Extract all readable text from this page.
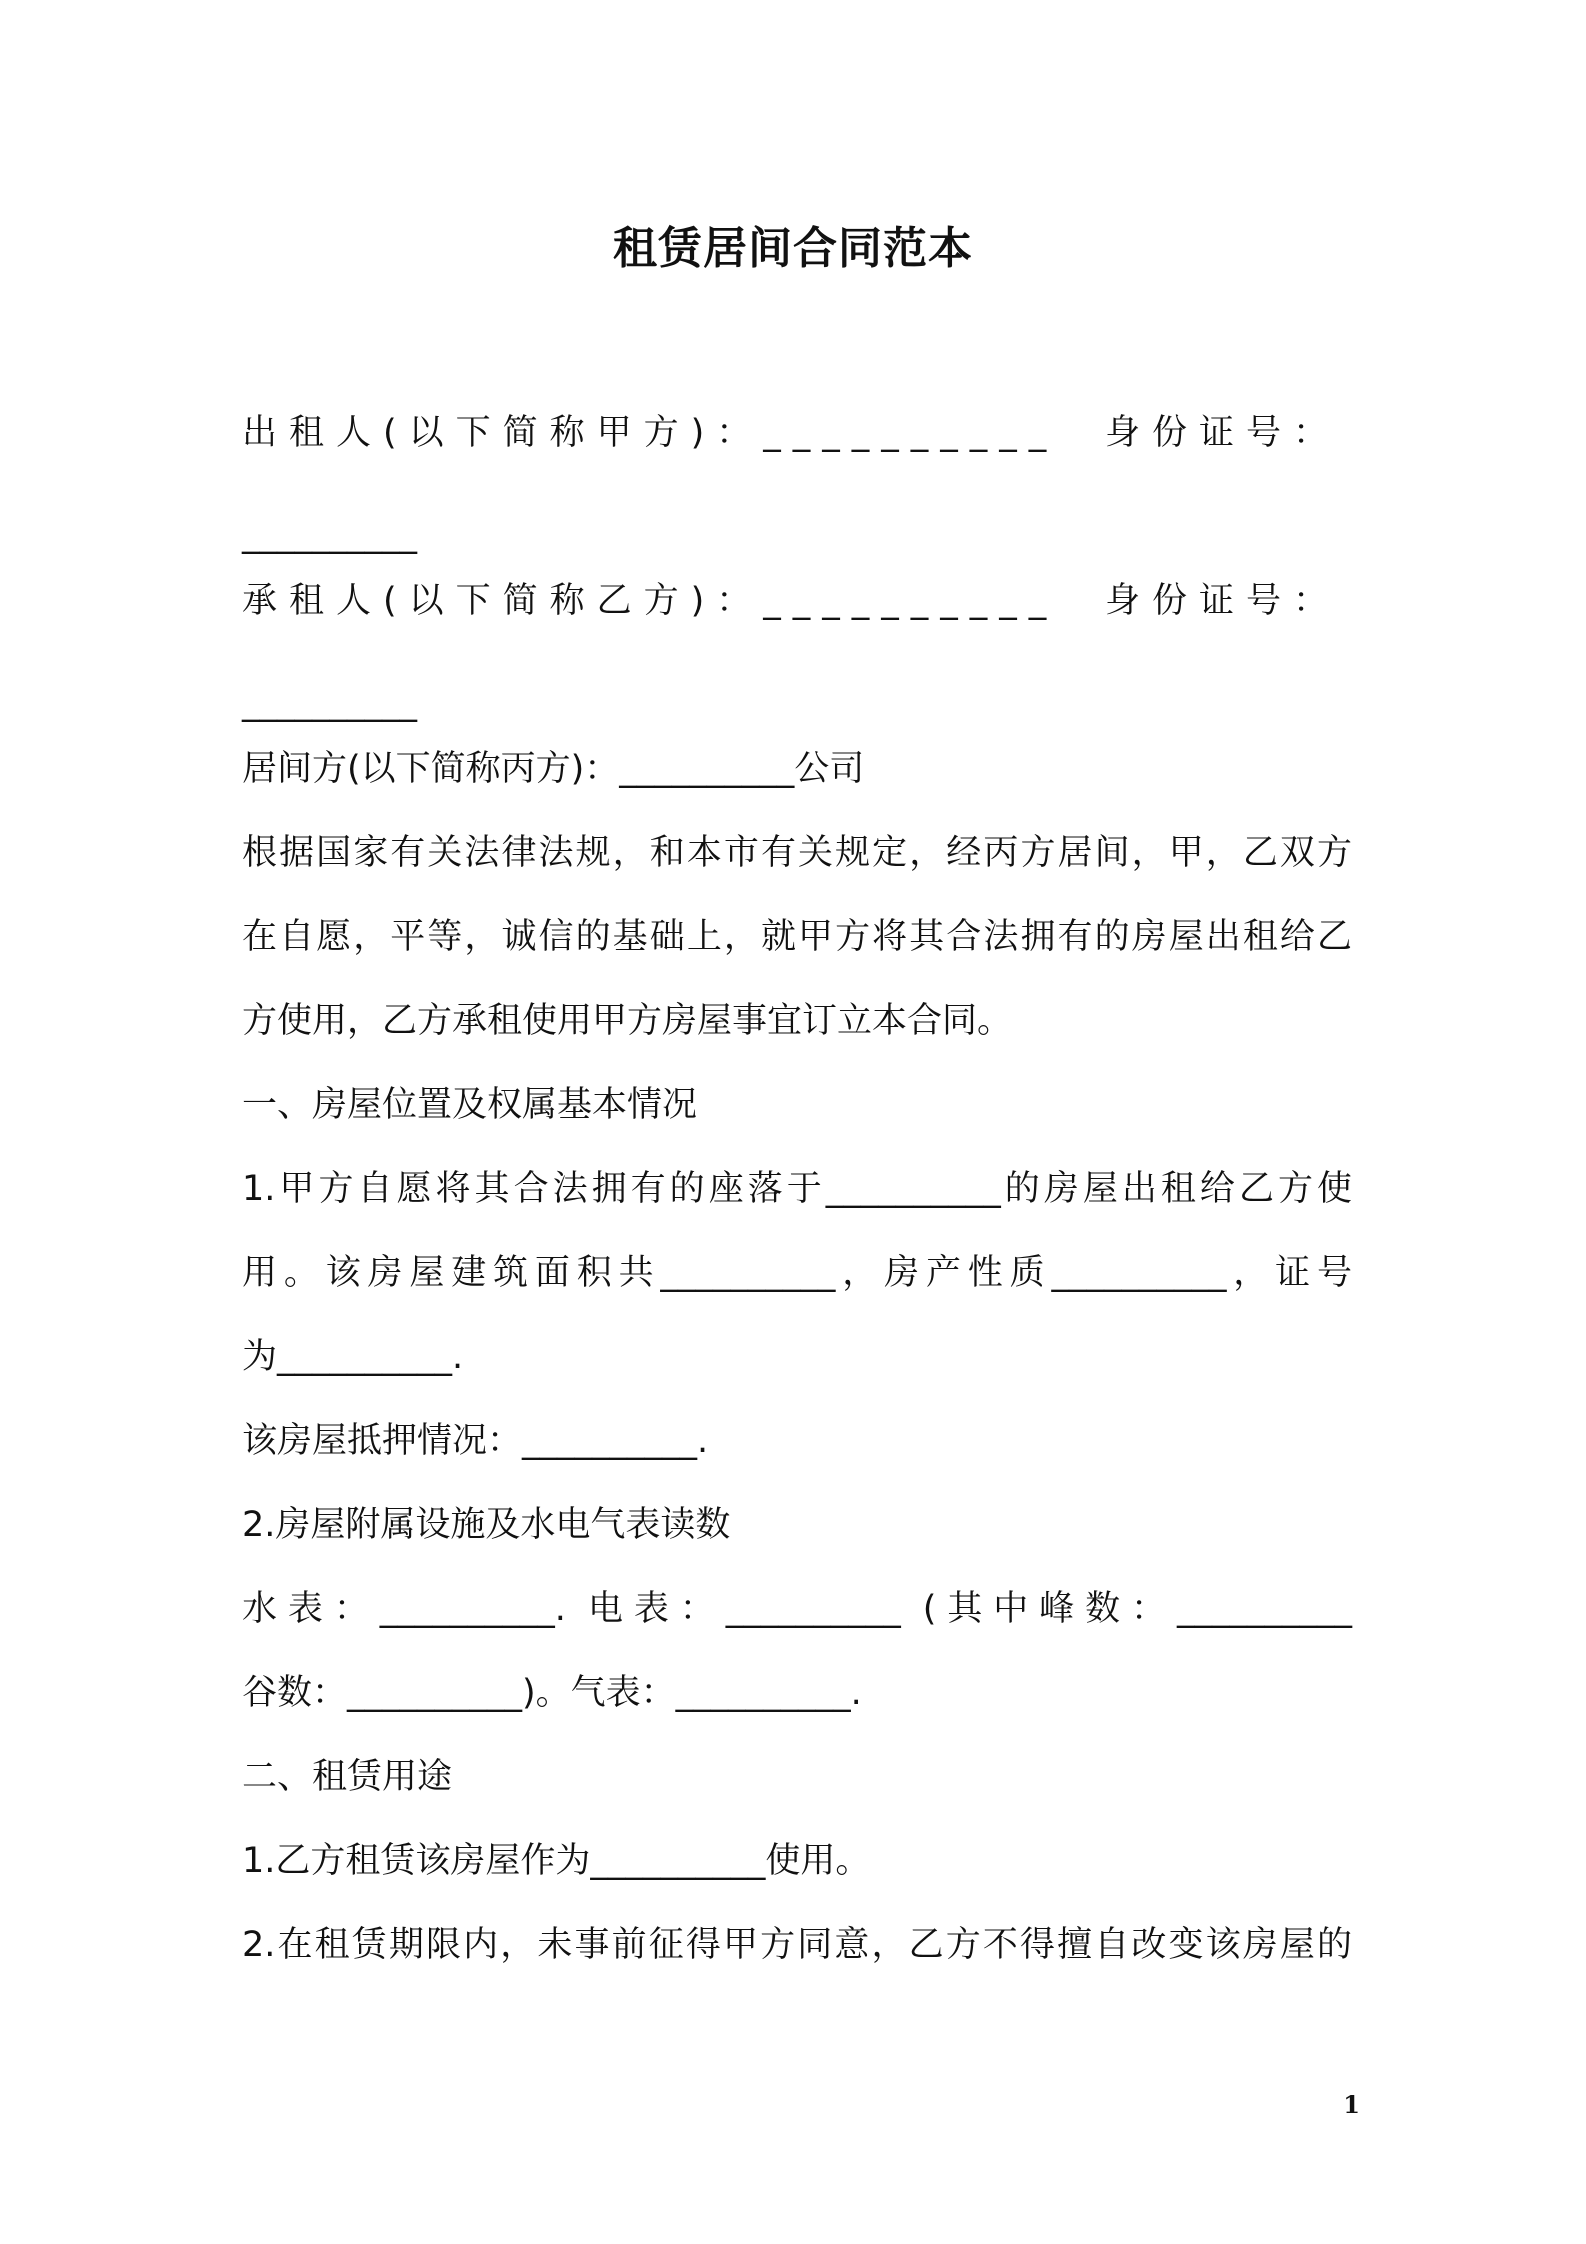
租赁居间合同范本
出租人(以下简称甲方)：__________ 身份证号：
__________
承租人(以下简称乙方)：__________ 身份证号：
__________
居间方(以下简称丙方)：__________公司
根据国家有关法律法规，和本市有关规定，经丙方居间，甲，乙双方
在自愿，平等，诚信的基础上，就甲方将其合法拥有的房屋出租给乙
方使用，乙方承租使用甲方房屋事宜订立本合同。
一、房屋位置及权属基本情况
1.甲方自愿将其合法拥有的座落于__________的房屋出租给乙方使
用。该房屋建筑面积共__________，房产性质__________，证号
为__________.
该房屋抵押情况：__________.
2.房屋附属设施及水电气表读数
水表：__________. 电表：__________ (其中峰数：__________
谷数：__________)。气表：__________.
二、租赁用途
1.乙方租赁该房屋作为__________使用。
2.在租赁期限内，未事前征得甲方同意，乙方不得擅自改变该房屋的
1
